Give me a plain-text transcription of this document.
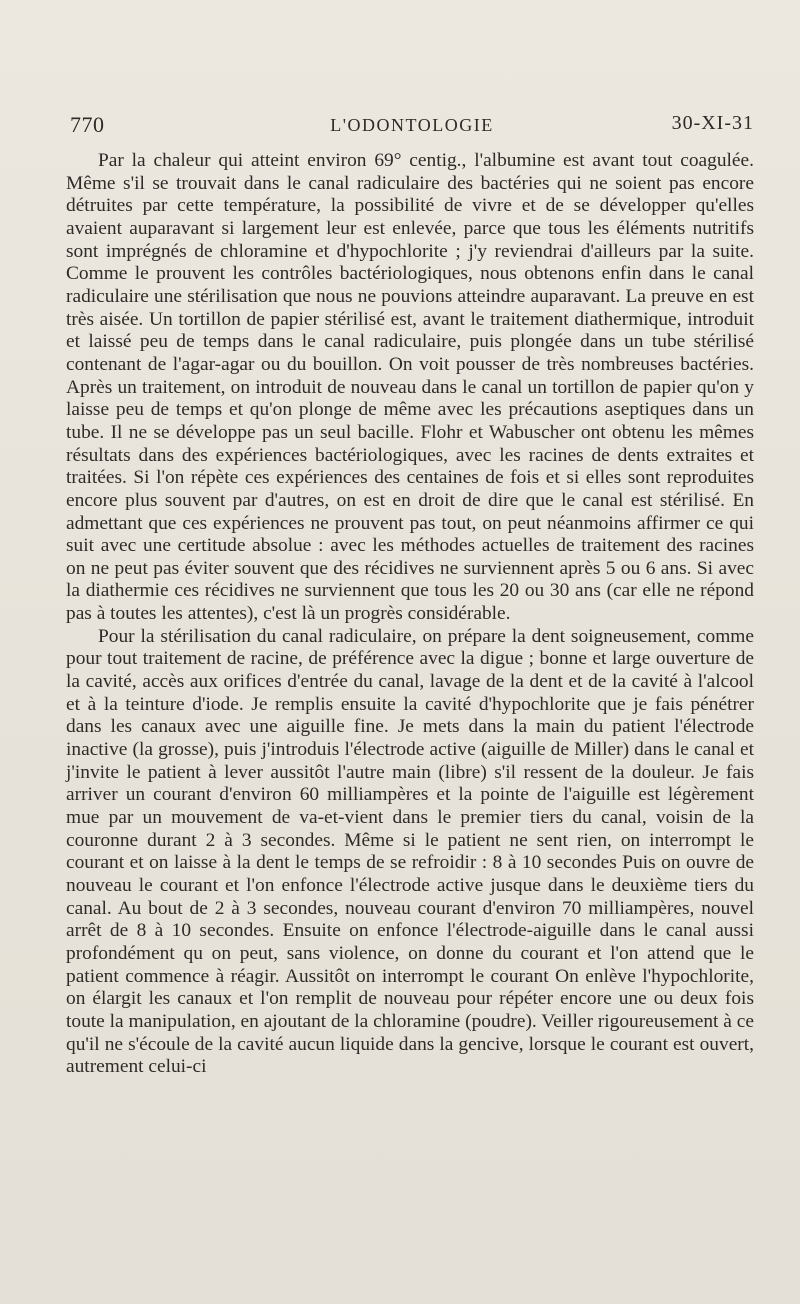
770	L'ODONTOLOGIE	30-XI-31

Par la chaleur qui atteint environ 69° centig., l'albumine est avant tout coagulée. Même s'il se trouvait dans le canal radiculaire des bactéries qui ne soient pas encore détruites par cette température, la possibilité de vivre et de se développer qu'elles avaient auparavant si largement leur est enlevée, parce que tous les éléments nutritifs sont imprégnés de chloramine et d'hypochlorite ; j'y reviendrai d'ailleurs par la suite. Comme le prouvent les contrôles bactériologiques, nous obtenons enfin dans le canal radiculaire une stérilisation que nous ne pouvions atteindre auparavant. La preuve en est très aisée. Un tortillon de papier stérilisé est, avant le traitement diathermique, introduit et laissé peu de temps dans le canal radiculaire, puis plongée dans un tube stérilisé contenant de l'agar-agar ou du bouillon. On voit pousser de très nombreuses bactéries. Après un traitement, on introduit de nouveau dans le canal un tortillon de papier qu'on y laisse peu de temps et qu'on plonge de même avec les précautions aseptiques dans un tube. Il ne se développe pas un seul bacille. Flohr et Wabuscher ont obtenu les mêmes résultats dans des expériences bactériologiques, avec les racines de dents extraites et traitées. Si l'on répète ces expériences des centaines de fois et si elles sont reproduites encore plus souvent par d'autres, on est en droit de dire que le canal est stérilisé. En admettant que ces expériences ne prouvent pas tout, on peut néanmoins affirmer ce qui suit avec une certitude absolue : avec les méthodes actuelles de traitement des racines on ne peut pas éviter souvent que des récidives ne surviennent après 5 ou 6 ans. Si avec la diathermie ces récidives ne surviennent que tous les 20 ou 30 ans (car elle ne répond pas à toutes les attentes), c'est là un progrès considérable.

Pour la stérilisation du canal radiculaire, on prépare la dent soigneusement, comme pour tout traitement de racine, de préférence avec la digue ; bonne et large ouverture de la cavité, accès aux orifices d'entrée du canal, lavage de la dent et de la cavité à l'alcool et à la teinture d'iode. Je remplis ensuite la cavité d'hypochlorite que je fais pénétrer dans les canaux avec une aiguille fine. Je mets dans la main du patient l'électrode inactive (la grosse), puis j'introduis l'électrode active (aiguille de Miller) dans le canal et j'invite le patient à lever aussitôt l'autre main (libre) s'il ressent de la douleur. Je fais arriver un courant d'environ 60 milliampères et la pointe de l'aiguille est légèrement mue par un mouvement de va-et-vient dans le premier tiers du canal, voisin de la couronne durant 2 à 3 secondes. Même si le patient ne sent rien, on interrompt le courant et on laisse à la dent le temps de se refroidir : 8 à 10 secondes Puis on ouvre de nouveau le courant et l'on enfonce l'électrode active jusque dans le deuxième tiers du canal. Au bout de 2 à 3 secondes, nouveau courant d'environ 70 milliampères, nouvel arrêt de 8 à 10 secondes. Ensuite on enfonce l'électrode-aiguille dans le canal aussi profondément qu on peut, sans violence, on donne du courant et l'on attend que le patient commence à réagir. Aussitôt on interrompt le courant On enlève l'hypochlorite, on élargit les canaux et l'on remplit de nouveau pour répéter encore une ou deux fois toute la manipulation, en ajoutant de la chloramine (poudre). Veiller rigoureusement à ce qu'il ne s'écoule de la cavité aucun liquide dans la gencive, lorsque le courant est ouvert, autrement celui-ci
